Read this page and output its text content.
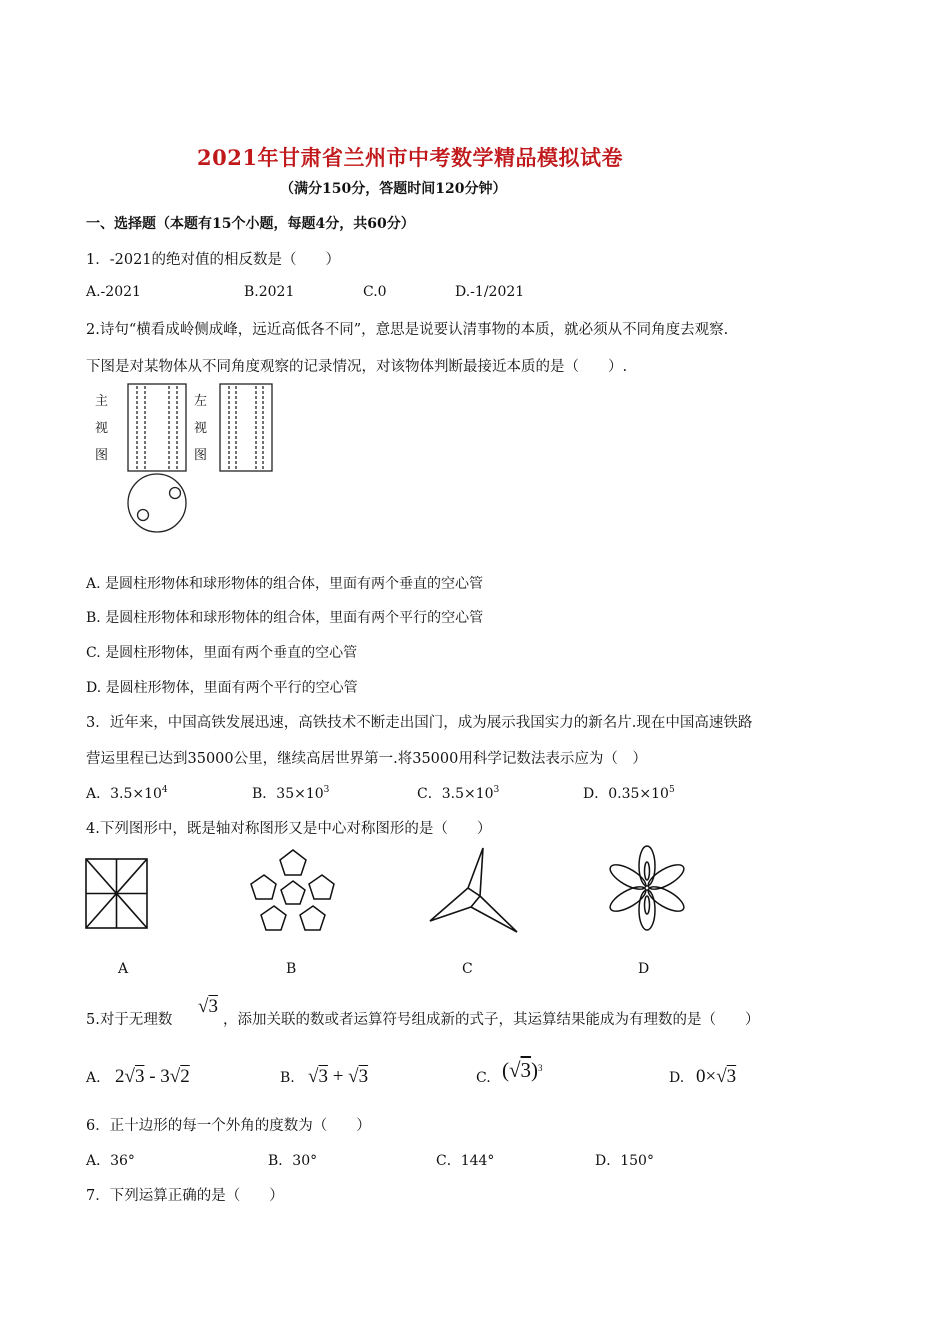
2021年甘肃省兰州市中考数学精品模拟试卷
（满分150分，答题时间120分钟）
一、选择题（本题有15个小题，每题4分，共60分）
1．-2021的绝对值的相反数是（　　）
A.-2021	B.2021	C.0	D.-1/2021
2.诗句“横看成岭侧成峰，远近高低各不同”，意思是说要认清事物的本质，就必须从不同角度去观察.
下图是对某物体从不同角度观察的记录情况，对该物体判断最接近本质的是（　　）.
主
视
图
左
视
图
A. 是圆柱形物体和球形物体的组合体，里面有两个垂直的空心管
B. 是圆柱形物体和球形物体的组合体，里面有两个平行的空心管
C. 是圆柱形物体，里面有两个垂直的空心管
D. 是圆柱形物体，里面有两个平行的空心管
3．近年来，中国高铁发展迅速，高铁技术不断走出国门，成为展示我国实力的新名片.现在中国高速铁路
营运里程已达到35000公里，继续高居世界第一.将35000用科学记数法表示应为（　）
A．$3.5\times 10^4$	B．$35\times 10^3$	C．$3.5\times 10^3$	D．$0.35\times 10^5$
4.下列图形中，既是轴对称图形又是中心对称图形的是（　　）
A	B	C	D
5.对于无理数
√3
，添加关联的数或者运算符号组成新的式子，其运算结果能成为有理数的是（　　）
A. 2√3 - 3√2	B. √3 + √3	C. $(√3)^3$
D. 0×√3
6．正十边形的每一个外角的度数为（　　）
A．36°	B．30°	C．144°	D．150°
7．下列运算正确的是（　　）
